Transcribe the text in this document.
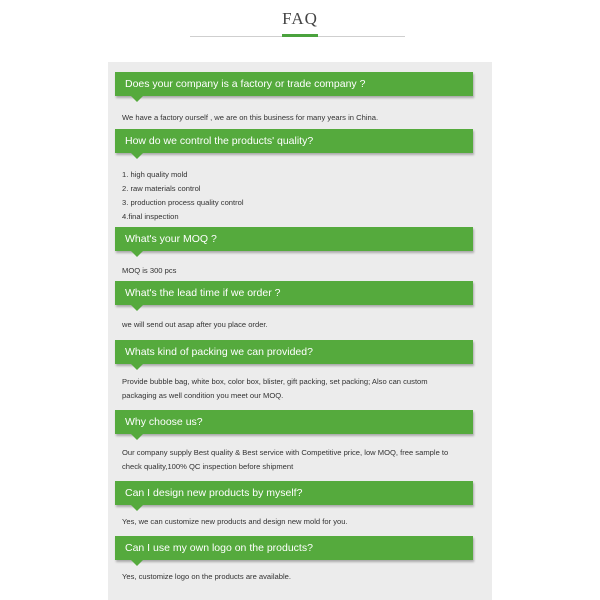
FAQ
Does your company is a factory or trade company ?
We have a factory ourself , we are on this business for many years in China.
How do we control the products' quality?
1. high quality mold
2. raw materials control
3. production process quality control
4.final inspection
What's your MOQ ?
MOQ is 300 pcs
What's the lead time if we order ?
we will send out asap after you place order.
Whats kind of packing we can provided?
Provide bubble bag, white box, color box, blister, gift packing, set packing; Also can custom
packaging as well condition you meet our MOQ.
Why choose us?
Our company supply Best quality & Best service with Competitive price, low MOQ, free sample to
check quality,100% QC inspection before shipment
Can I design new products by myself?
Yes, we can customize new products and design new mold for you.
Can I use my own logo on the products?
Yes, customize logo on the products are available.
